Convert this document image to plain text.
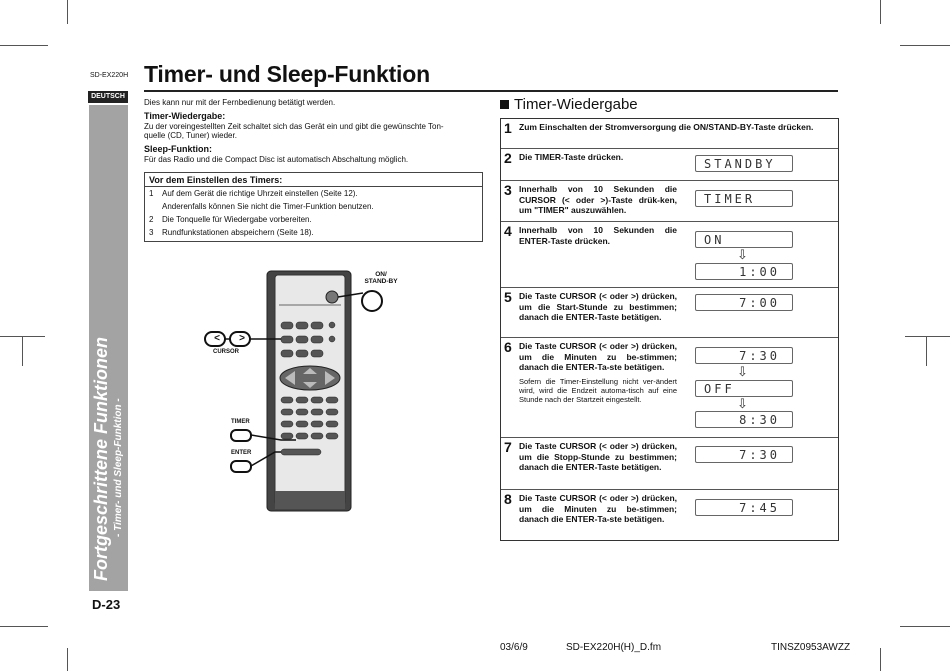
SD-EX220H Timer- und Sleep-Funktion
DEUTSCH
Fortgeschrittene Funktionen - Timer- und Sleep-Funktion -
D-23
Dies kann nur mit der Fernbedienung betätigt werden.
Timer-Wiedergabe:
Zu der voreingestellten Zeit schaltet sich das Gerät ein und gibt die gewünschte Ton-
quelle (CD, Tuner) wieder.
Sleep-Funktion:
Für das Radio und die Compact Disc ist automatisch Abschaltung möglich.
Vor dem Einstellen des Timers:
1 Auf dem Gerät die richtige Uhrzeit einstellen (Seite 12).
Anderenfalls können Sie nicht die Timer-Funktion benutzen.
2 Die Tonquelle für Wiedergabe vorbereiten.
3 Rundfunkstationen abspeichern (Seite 18).
ON/
STAND-BY
<	>
CURSOR
TIMER
ENTER
Timer-Wiedergabe
1 Zum Einschalten der Stromversorgung die ON/STAND-BY-Taste drücken.
2 Die TIMER-Taste drücken.	STANDBY
3 Innerhalb von 10 Sekunden die CURSOR (< oder >)-Taste drük-ken, um "TIMER" auszuwählen.
TIMER
4 Innerhalb von 10 Sekunden die ENTER-Taste drücken.	ON
⇩
1:00
5 Die Taste CURSOR (< oder >) drücken, um die Start-Stunde zu bestimmen; danach die ENTER-Taste betätigen.
7:00
6 Die Taste CURSOR (< oder >) drücken, um die Minuten zu be-stimmen; danach die ENTER-Ta-ste betätigen.
Sofern die Timer-Einstellung nicht ver-ändert wird, wird die Endzeit automa-tisch auf eine Stunde nach der Startzeit eingestellt.
7:30
⇩
OFF
⇩
8:30
7 Die Taste CURSOR (< oder >) drücken, um die Stopp-Stunde zu bestimmen; danach die ENTER-Taste betätigen.
7:30
8 Die Taste CURSOR (< oder >) drücken, um die Minuten zu be-stimmen; danach die ENTER-Ta-ste betätigen.
7:45
03/6/9	SD-EX220H(H)_D.fm	TINSZ0953AWZZ
